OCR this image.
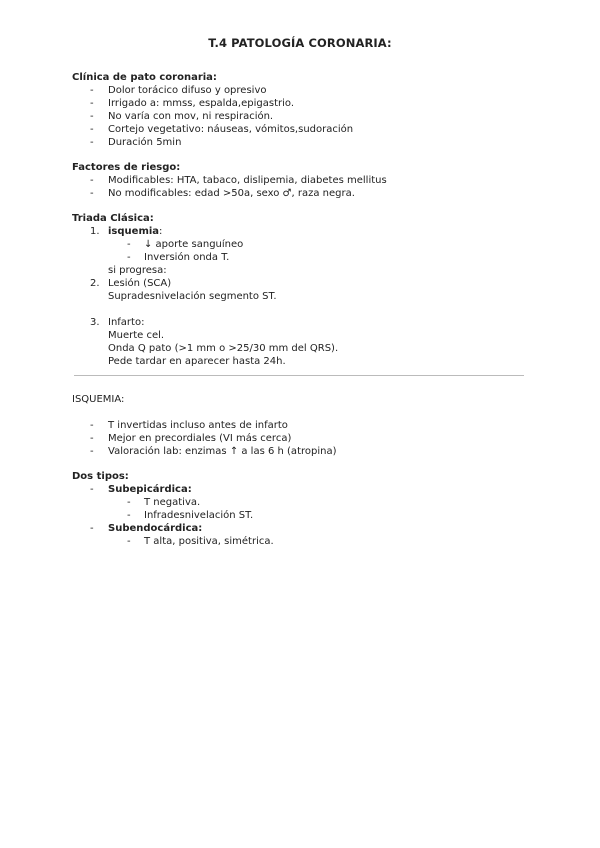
T.4 PATOLOGÍA CORONARIA:
Clínica de pato coronaria:
- Dolor torácico difuso y opresivo
- Irrigado a: mmss, espalda,epigastrio.
- No varía con mov, ni respiración.
- Cortejo vegetativo: náuseas, vómitos,sudoración
- Duración 5min
Factores de riesgo:
- Modificables: HTA, tabaco, dislipemia, diabetes mellitus
- No modificables: edad >50a, sexo ♂, raza negra.
Triada Clásica:
1. isquemia:
- ↓ aporte sanguíneo
- Inversión onda T.
si progresa:
2. Lesión (SCA)
Supradesnivelación segmento ST.
3. Infarto:
Muerte cel.
Onda Q pato (>1 mm o >25/30 mm del QRS).
Pede tardar en aparecer hasta 24h.
ISQUEMIA:
- T invertidas incluso antes de infarto
- Mejor en precordiales (VI más cerca)
- Valoración lab: enzimas ↑ a las 6 h (atropina)
Dos tipos:
- Subepicárdica:
- T negativa.
- Infradesnivelación ST.
- Subendocárdica:
- T alta, positiva, simétrica.
